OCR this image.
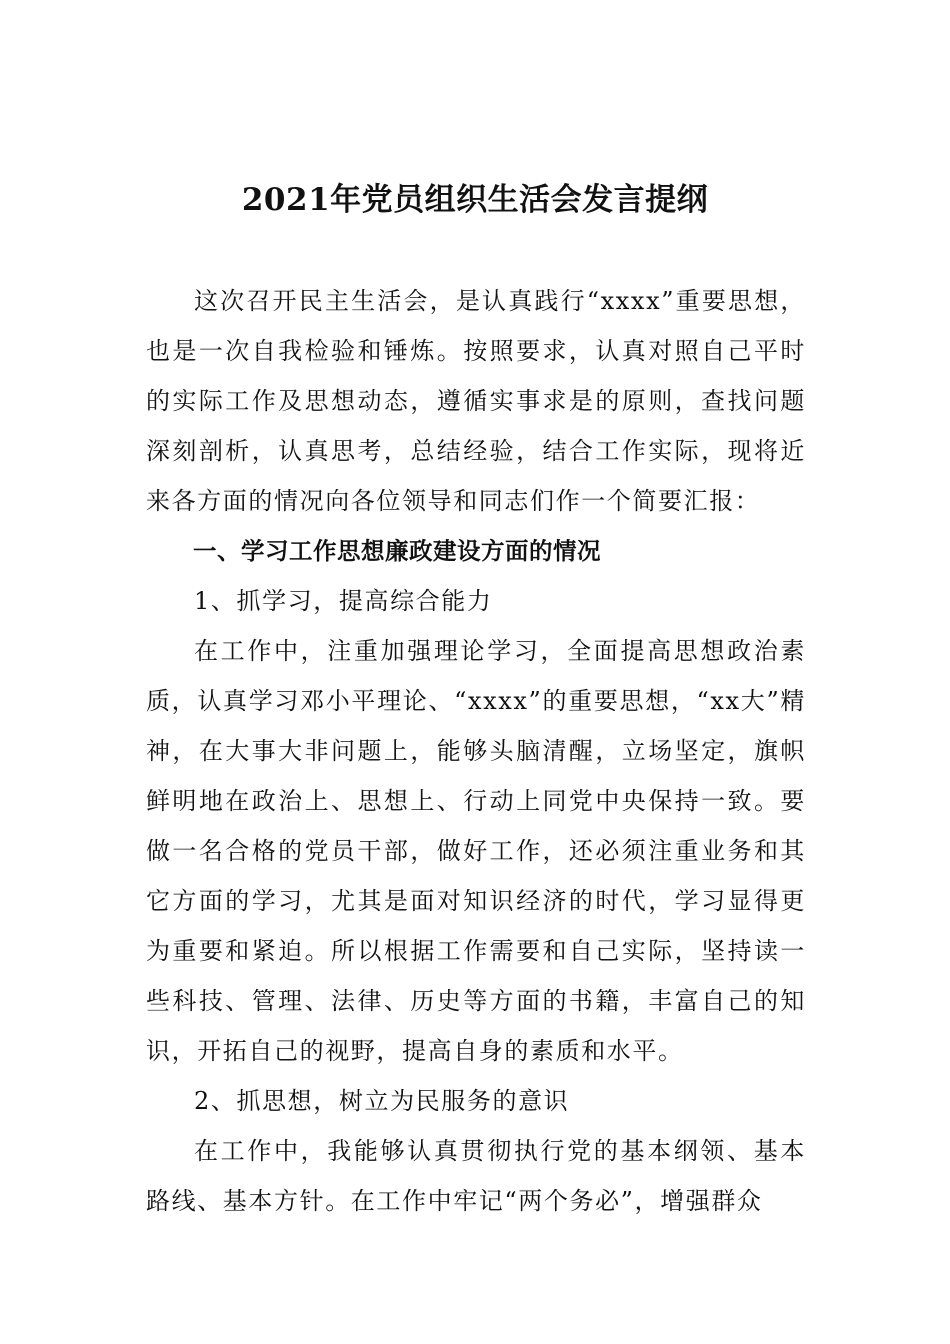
2021年党员组织生活会发言提纲

这次召开民主生活会，是认真践行“xxxx”重要思想，也是一次自我检验和锤炼。按照要求，认真对照自己平时的实际工作及思想动态，遵循实事求是的原则，查找问题深刻剖析，认真思考，总结经验，结合工作实际，现将近来各方面的情况向各位领导和同志们作一个简要汇报：

一、学习工作思想廉政建设方面的情况

1、抓学习，提高综合能力

在工作中，注重加强理论学习，全面提高思想政治素质，认真学习邓小平理论、“xxxx”的重要思想，“xx大”精神，在大事大非问题上，能够头脑清醒，立场坚定，旗帜鲜明地在政治上、思想上、行动上同党中央保持一致。要做一名合格的党员干部，做好工作，还必须注重业务和其它方面的学习，尤其是面对知识经济的时代，学习显得更为重要和紧迫。所以根据工作需要和自己实际，坚持读一些科技、管理、法律、历史等方面的书籍，丰富自己的知识，开拓自己的视野，提高自身的素质和水平。

2、抓思想，树立为民服务的意识

在工作中，我能够认真贯彻执行党的基本纲领、基本路线、基本方针。在工作中牢记“两个务必”，增强群众
